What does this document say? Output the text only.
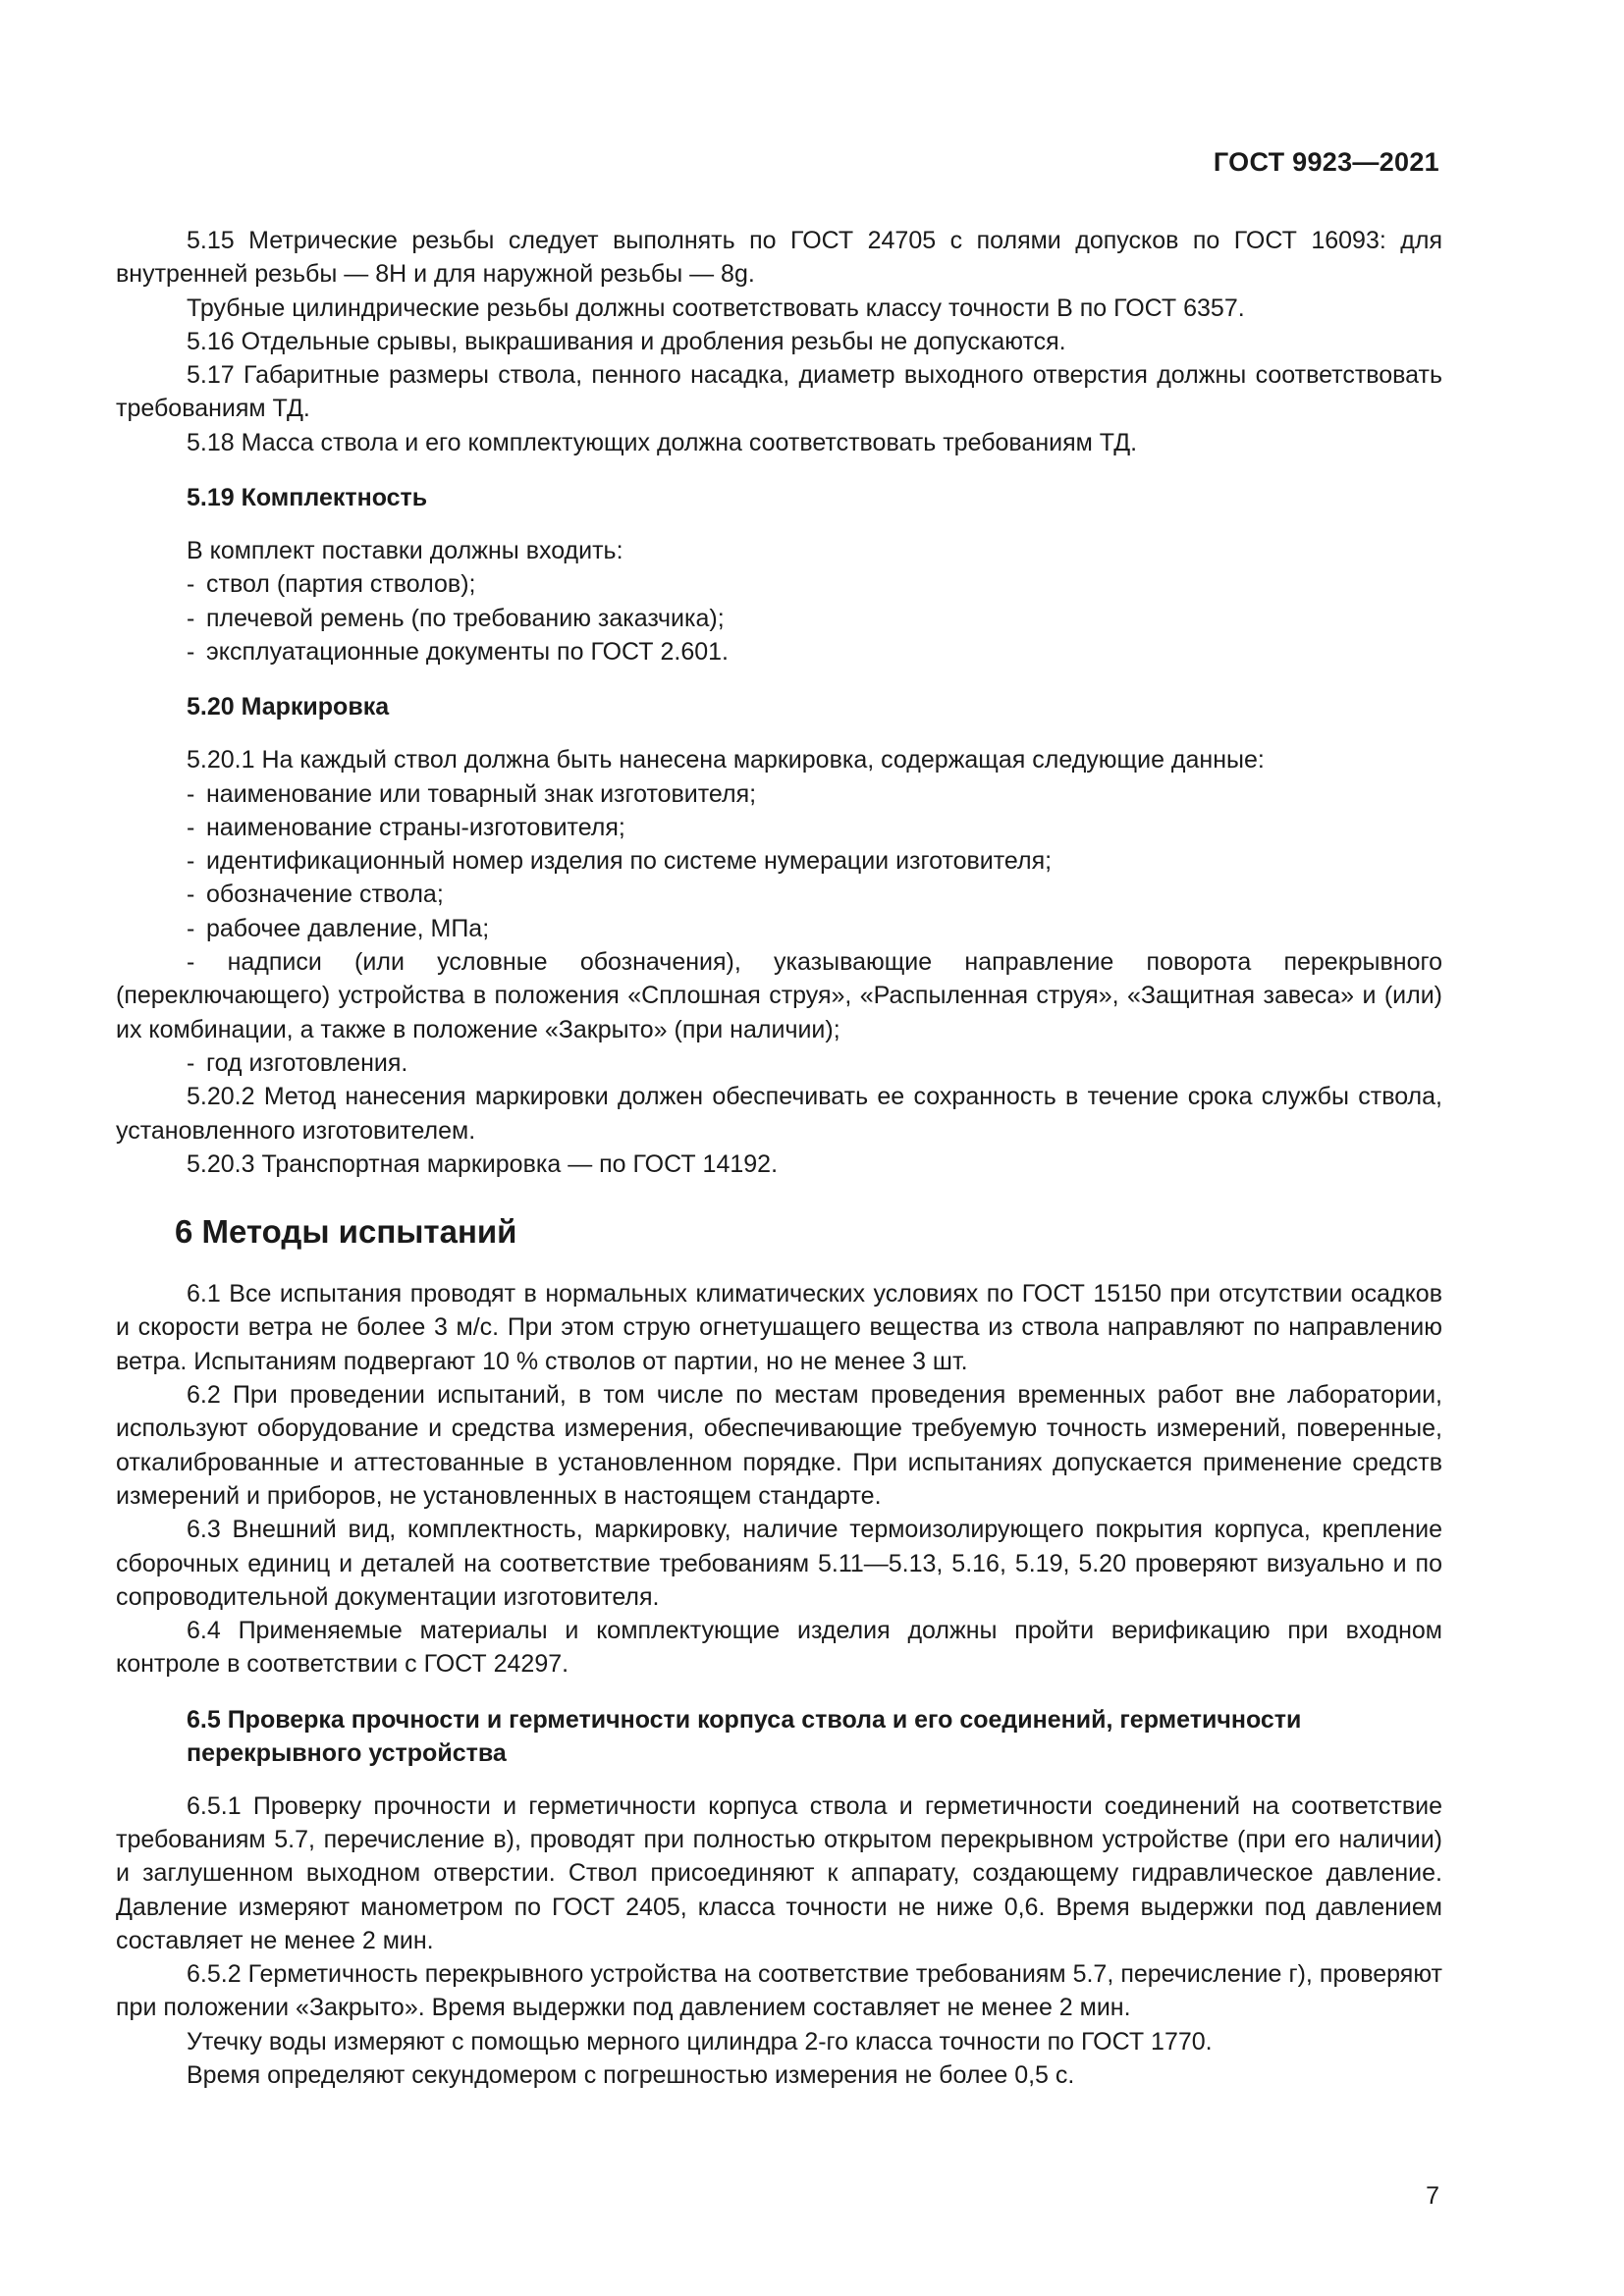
ГОСТ 9923—2021

5.15 Метрические резьбы следует выполнять по ГОСТ 24705 с полями допусков по ГОСТ 16093: для внутренней резьбы — 8Н и для наружной резьбы — 8g.

Трубные цилиндрические резьбы должны соответствовать классу точности В по ГОСТ 6357.

5.16 Отдельные срывы, выкрашивания и дробления резьбы не допускаются.

5.17 Габаритные размеры ствола, пенного насадка, диаметр выходного отверстия должны соответствовать требованиям ТД.

5.18 Масса ствола и его комплектующих должна соответствовать требованиям ТД.

5.19 Комплектность

В комплект поставки должны входить:

- ствол (партия стволов);

- плечевой ремень (по требованию заказчика);

- эксплуатационные документы по ГОСТ 2.601.

5.20 Маркировка

5.20.1 На каждый ствол должна быть нанесена маркировка, содержащая следующие данные:

- наименование или товарный знак изготовителя;

- наименование страны-изготовителя;

- идентификационный номер изделия по системе нумерации изготовителя;

- обозначение ствола;

- рабочее давление, МПа;

- надписи (или условные обозначения), указывающие направление поворота перекрывного (переключающего) устройства в положения «Сплошная струя», «Распыленная струя», «Защитная завеса» и (или) их комбинации, а также в положение «Закрыто» (при наличии);

- год изготовления.

5.20.2 Метод нанесения маркировки должен обеспечивать ее сохранность в течение срока службы ствола, установленного изготовителем.

5.20.3 Транспортная маркировка — по ГОСТ 14192.

6 Методы испытаний

6.1 Все испытания проводят в нормальных климатических условиях по ГОСТ 15150 при отсутствии осадков и скорости ветра не более 3 м/с. При этом струю огнетушащего вещества из ствола направляют по направлению ветра. Испытаниям подвергают 10 % стволов от партии, но не менее 3 шт.

6.2 При проведении испытаний, в том числе по местам проведения временных работ вне лаборатории, используют оборудование и средства измерения, обеспечивающие требуемую точность измерений, поверенные, откалиброванные и аттестованные в установленном порядке. При испытаниях допускается применение средств измерений и приборов, не установленных в настоящем стандарте.

6.3 Внешний вид, комплектность, маркировку, наличие термоизолирующего покрытия корпуса, крепление сборочных единиц и деталей на соответствие требованиям 5.11—5.13, 5.16, 5.19, 5.20 проверяют визуально и по сопроводительной документации изготовителя.

6.4 Применяемые материалы и комплектующие изделия должны пройти верификацию при входном контроле в соответствии с ГОСТ 24297.

6.5 Проверка прочности и герметичности корпуса ствола и его соединений, герметичности перекрывного устройства

6.5.1 Проверку прочности и герметичности корпуса ствола и герметичности соединений на соответствие требованиям 5.7, перечисление в), проводят при полностью открытом перекрывном устройстве (при его наличии) и заглушенном выходном отверстии. Ствол присоединяют к аппарату, создающему гидравлическое давление. Давление измеряют манометром по ГОСТ 2405, класса точности не ниже 0,6. Время выдержки под давлением составляет не менее 2 мин.

6.5.2 Герметичность перекрывного устройства на соответствие требованиям 5.7, перечисление г), проверяют при положении «Закрыто». Время выдержки под давлением составляет не менее 2 мин.

Утечку воды измеряют с помощью мерного цилиндра 2-го класса точности по ГОСТ 1770.

Время определяют секундомером с погрешностью измерения не более 0,5 с.

7
